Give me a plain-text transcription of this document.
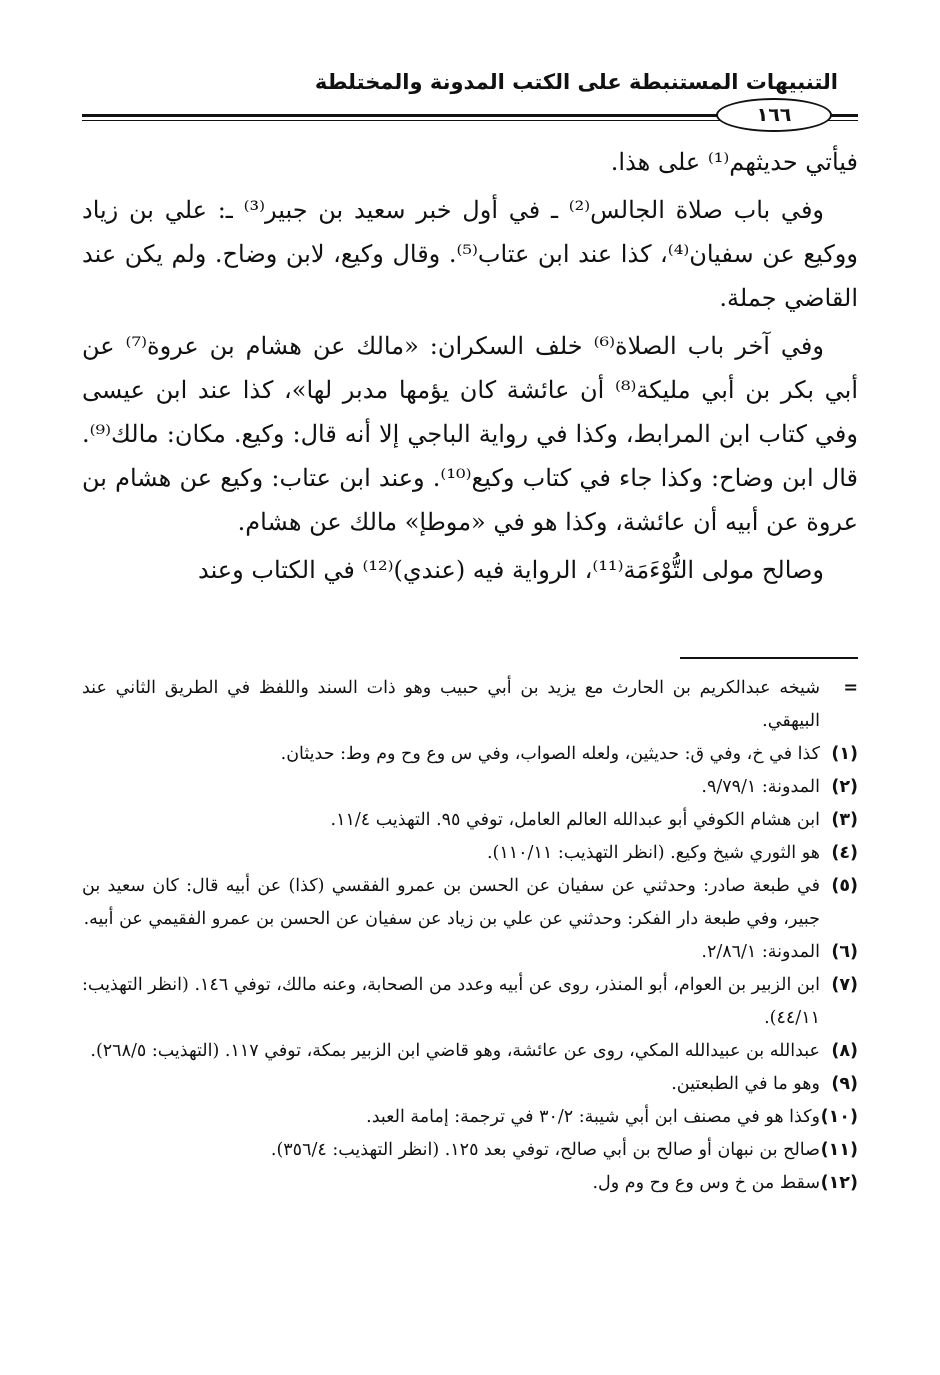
التنبيهات المستنبطة على الكتب المدونة والمختلطة
١٦٦

فيأتي حديثهم⁽¹⁾ على هذا.

وفي باب صلاة الجالس⁽²⁾ ـ في أول خبر سعيد بن جبير⁽³⁾ ـ: علي بن زياد ووكيع عن سفيان⁽⁴⁾، كذا عند ابن عتاب⁽⁵⁾. وقال وكيع، لابن وضاح. ولم يكن عند القاضي جملة.

وفي آخر باب الصلاة⁽⁶⁾ خلف السكران: «مالك عن هشام بن عروة⁽⁷⁾ عن أبي بكر بن أبي مليكة⁽⁸⁾ أن عائشة كان يؤمها مدبر لها»، كذا عند ابن عيسى وفي كتاب ابن المرابط، وكذا في رواية الباجي إلا أنه قال: وكيع. مكان: مالك⁽⁹⁾. قال ابن وضاح: وكذا جاء في كتاب وكيع⁽¹⁰⁾. وعند ابن عتاب: وكيع عن هشام بن عروة عن أبيه أن عائشة، وكذا هو في «موطإ» مالك عن هشام.

وصالح مولى التُّوْءَمَة⁽¹¹⁾، الرواية فيه (عندي)⁽¹²⁾ في الكتاب وعند

=
شيخه عبدالكريم بن الحارث مع يزيد بن أبي حبيب وهو ذات السند واللفظ في الطريق الثاني عند البيهقي.
(١)
كذا في خ، وفي ق: حديثين، ولعله الصواب، وفي س وع وح وم وط: حديثان.
(٢)
المدونة: ٩/٧٩/١.
(٣)
ابن هشام الكوفي أبو عبدالله العالم العامل، توفي ٩٥. التهذيب ١١/٤.
(٤)
هو الثوري شيخ وكيع. (انظر التهذيب: ١١٠/١١).
(٥)
في طبعة صادر: وحدثني عن سفيان عن الحسن بن عمرو الفقسي (كذا) عن أبيه قال: كان سعيد بن جبير، وفي طبعة دار الفكر: وحدثني عن علي بن زياد عن سفيان عن الحسن بن عمرو الفقيمي عن أبيه.
(٦)
المدونة: ٢/٨٦/١.
(٧)
ابن الزبير بن العوام، أبو المنذر، روى عن أبيه وعدد من الصحابة، وعنه مالك، توفي ١٤٦. (انظر التهذيب: ٤٤/١١).
(٨)
عبدالله بن عبيدالله المكي، روى عن عائشة، وهو قاضي ابن الزبير بمكة، توفي ١١٧. (التهذيب: ٢٦٨/٥).
(٩)
وهو ما في الطبعتين.
(١٠)
وكذا هو في مصنف ابن أبي شيبة: ٣٠/٢ في ترجمة: إمامة العبد.
(١١)
صالح بن نبهان أو صالح بن أبي صالح، توفي بعد ١٢٥. (انظر التهذيب: ٣٥٦/٤).
(١٢)
سقط من خ وس وع وح وم ول.
